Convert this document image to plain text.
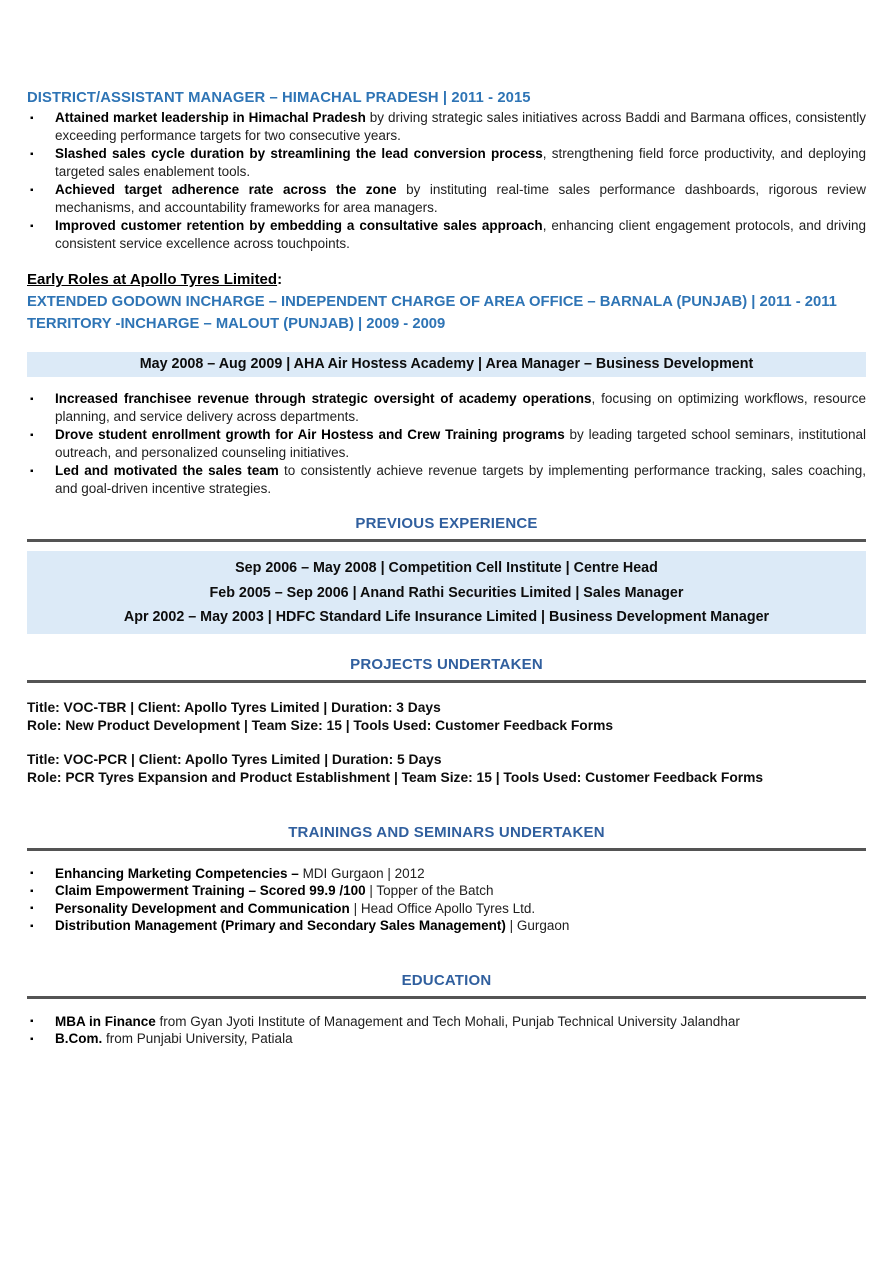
DISTRICT/ASSISTANT MANAGER – HIMACHAL PRADESH | 2011 - 2015
▪ Attained market leadership in Himachal Pradesh by driving strategic sales initiatives across Baddi and Barmana offices, consistently exceeding performance targets for two consecutive years.
▪ Slashed sales cycle duration by streamlining the lead conversion process, strengthening field force productivity, and deploying targeted sales enablement tools.
▪ Achieved target adherence rate across the zone by instituting real-time sales performance dashboards, rigorous review mechanisms, and accountability frameworks for area managers.
▪ Improved customer retention by embedding a consultative sales approach, enhancing client engagement protocols, and driving consistent service excellence across touchpoints.
Early Roles at Apollo Tyres Limited:
EXTENDED GODOWN INCHARGE – INDEPENDENT CHARGE OF AREA OFFICE – BARNALA (PUNJAB) | 2011 - 2011
TERRITORY -INCHARGE – MALOUT (PUNJAB) | 2009 - 2009
May 2008 – Aug 2009 | AHA Air Hostess Academy | Area Manager – Business Development
▪ Increased franchisee revenue through strategic oversight of academy operations, focusing on optimizing workflows, resource planning, and service delivery across departments.
▪ Drove student enrollment growth for Air Hostess and Crew Training programs by leading targeted school seminars, institutional outreach, and personalized counseling initiatives.
▪ Led and motivated the sales team to consistently achieve revenue targets by implementing performance tracking, sales coaching, and goal-driven incentive strategies.
PREVIOUS EXPERIENCE
Sep 2006 – May 2008 | Competition Cell Institute | Centre Head
Feb 2005 – Sep 2006 | Anand Rathi Securities Limited | Sales Manager
Apr 2002 – May 2003 | HDFC Standard Life Insurance Limited | Business Development Manager
PROJECTS UNDERTAKEN
Title: VOC-TBR | Client: Apollo Tyres Limited | Duration: 3 Days
Role: New Product Development | Team Size: 15 | Tools Used: Customer Feedback Forms
Title: VOC-PCR | Client: Apollo Tyres Limited | Duration: 5 Days
Role: PCR Tyres Expansion and Product Establishment | Team Size: 15 | Tools Used: Customer Feedback Forms
TRAININGS AND SEMINARS UNDERTAKEN
▪ Enhancing Marketing Competencies – MDI Gurgaon | 2012
▪ Claim Empowerment Training – Scored 99.9 /100 | Topper of the Batch
▪ Personality Development and Communication | Head Office Apollo Tyres Ltd.
▪ Distribution Management (Primary and Secondary Sales Management) | Gurgaon
EDUCATION
▪ MBA in Finance from Gyan Jyoti Institute of Management and Tech Mohali, Punjab Technical University Jalandhar
▪ B.Com. from Punjabi University, Patiala
